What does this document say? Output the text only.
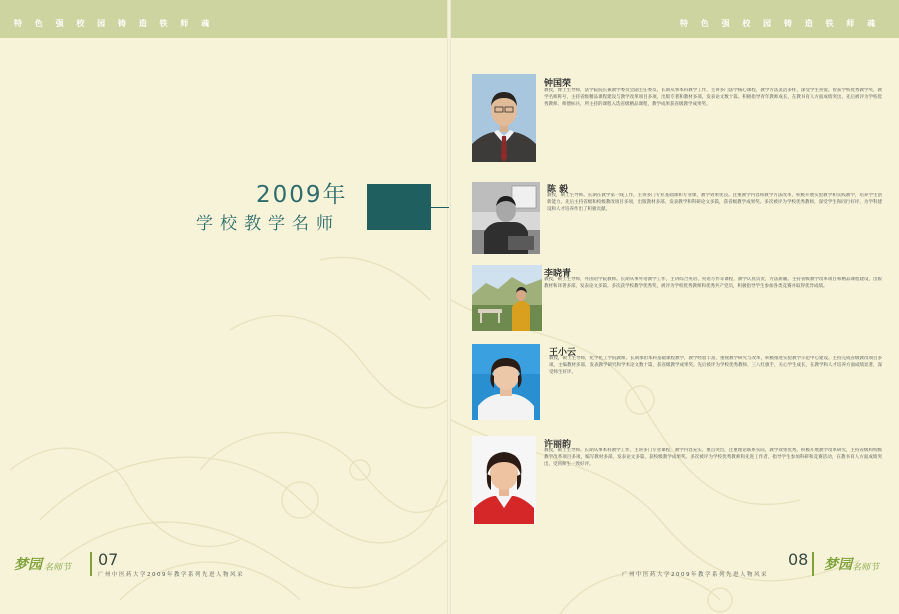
特 色 强 校 园 铸 造 铁 师 魂	特 色 强 校 园 铸 造 铁 师 魂
2009年
学校教学名师
钟国荣
教授，博士生导师，法学院院长兼教学委员会副主任委员。长期从事本科教学工作，主讲多门法学核心课程，教学方法灵活多样，深受学生喜爱。曾获学校优秀教学奖、教学名师称号，主持省级精品课程建设与教学改革项目多项，出版专著和教材多部，发表论文数十篇。积极指导青年教师成长，在教书育人方面成绩突出，先后被评为学校优秀教师、师德标兵，所主持的课程入选省级精品课程，教学成果获省级教学成果奖。
陈 毅
教授，硕士生导师。长期在教学第一线工作，主讲多门专业基础课和专业课，教学效果优良。注重教学内容和教学方法改革，积极开展实验教学和实践教学，培养学生创新能力。先后主持省级和校级教改项目多项，出版教材多部，发表教学和科研论文多篇，获省级教学成果奖。多次被评为学校优秀教师，深受学生和同行好评，为学科建设和人才培养作出了积极贡献。
李晓青
教授，硕士生导师，外国语学院教师。长期从事外语教学工作，主讲综合英语、英语写作等课程，教学认真负责，方法新颖。主持省级教学改革项目和精品课程建设，出版教材和译著多部，发表论文多篇。多次获学校教学优秀奖，被评为学校优秀教师和优秀共产党员，积极指导学生参加各类竞赛并取得优异成绩。
王小云
教授，硕士生导师，化学化工学院教师。长期承担本科基础课程教学，教学经验丰富，重视教学研究与改革，积极推进实验教学示范中心建设。主持完成省级教改项目多项，主编教材多部，发表教学研究和学术论文数十篇，获省级教学成果奖。先后被评为学校优秀教师、三八红旗手，关心学生成长，在教学和人才培养方面成绩显著，深受师生好评。
许丽韵
教授，硕士生导师。长期从事本科教学工作，主讲多门专业课程，教学内容充实，重点突出，注重理论联系实际，教学效果优秀。积极开展教学改革研究，主持省级和校级教学改革项目多项，编写教材多部，发表论文多篇，获校级教学成果奖。多次被评为学校优秀教师和先进工作者，指导学生参加科研和竞赛活动，在教书育人方面成绩突出，受到师生一致好评。
梦园 名师节 07
广州中医药大学2009年教学系列先进人物风采
08
广州中医药大学2009年教学系列先进人物风采
梦园 名师节
